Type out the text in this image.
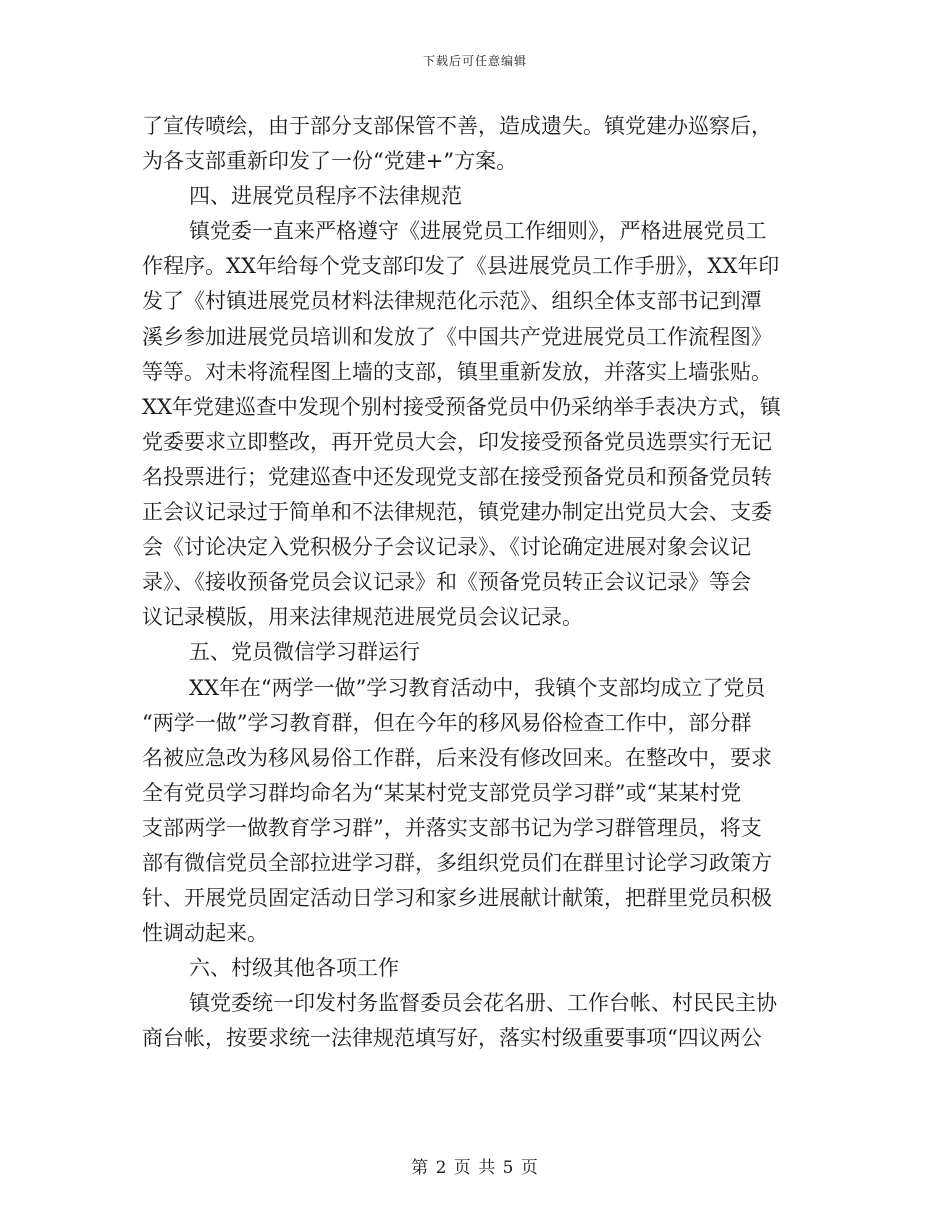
下载后可任意编辑
了宣传喷绘，由于部分支部保管不善，造成遗失。镇党建办巡察后，
为各支部重新印发了一份“党建+”方案。
四、进展党员程序不法律规范
镇党委一直来严格遵守《进展党员工作细则》，严格进展党员工
作程序。XX年给每个党支部印发了《县进展党员工作手册》，XX年印
发了《村镇进展党员材料法律规范化示范》、组织全体支部书记到潭
溪乡参加进展党员培训和发放了《中国共产党进展党员工作流程图》
等等。对未将流程图上墙的支部，镇里重新发放，并落实上墙张贴。
XX年党建巡查中发现个别村接受预备党员中仍采纳举手表决方式，镇
党委要求立即整改，再开党员大会，印发接受预备党员选票实行无记
名投票进行；党建巡查中还发现党支部在接受预备党员和预备党员转
正会议记录过于简单和不法律规范，镇党建办制定出党员大会、支委
会《讨论决定入党积极分子会议记录》、《讨论确定进展对象会议记
录》、《接收预备党员会议记录》和《预备党员转正会议记录》等会
议记录模版，用来法律规范进展党员会议记录。
五、党员微信学习群运行
XX年在“两学一做”学习教育活动中，我镇个支部均成立了党员
“两学一做”学习教育群，但在今年的移风易俗检查工作中，部分群
名被应急改为移风易俗工作群，后来没有修改回来。在整改中，要求
全有党员学习群均命名为“某某村党支部党员学习群”或“某某村党
支部两学一做教育学习群”，并落实支部书记为学习群管理员，将支
部有微信党员全部拉进学习群，多组织党员们在群里讨论学习政策方
针、开展党员固定活动日学习和家乡进展献计献策，把群里党员积极
性调动起来。
六、村级其他各项工作
镇党委统一印发村务监督委员会花名册、工作台帐、村民民主协
商台帐，按要求统一法律规范填写好，落实村级重要事项“四议两公
第 2 页 共 5 页
